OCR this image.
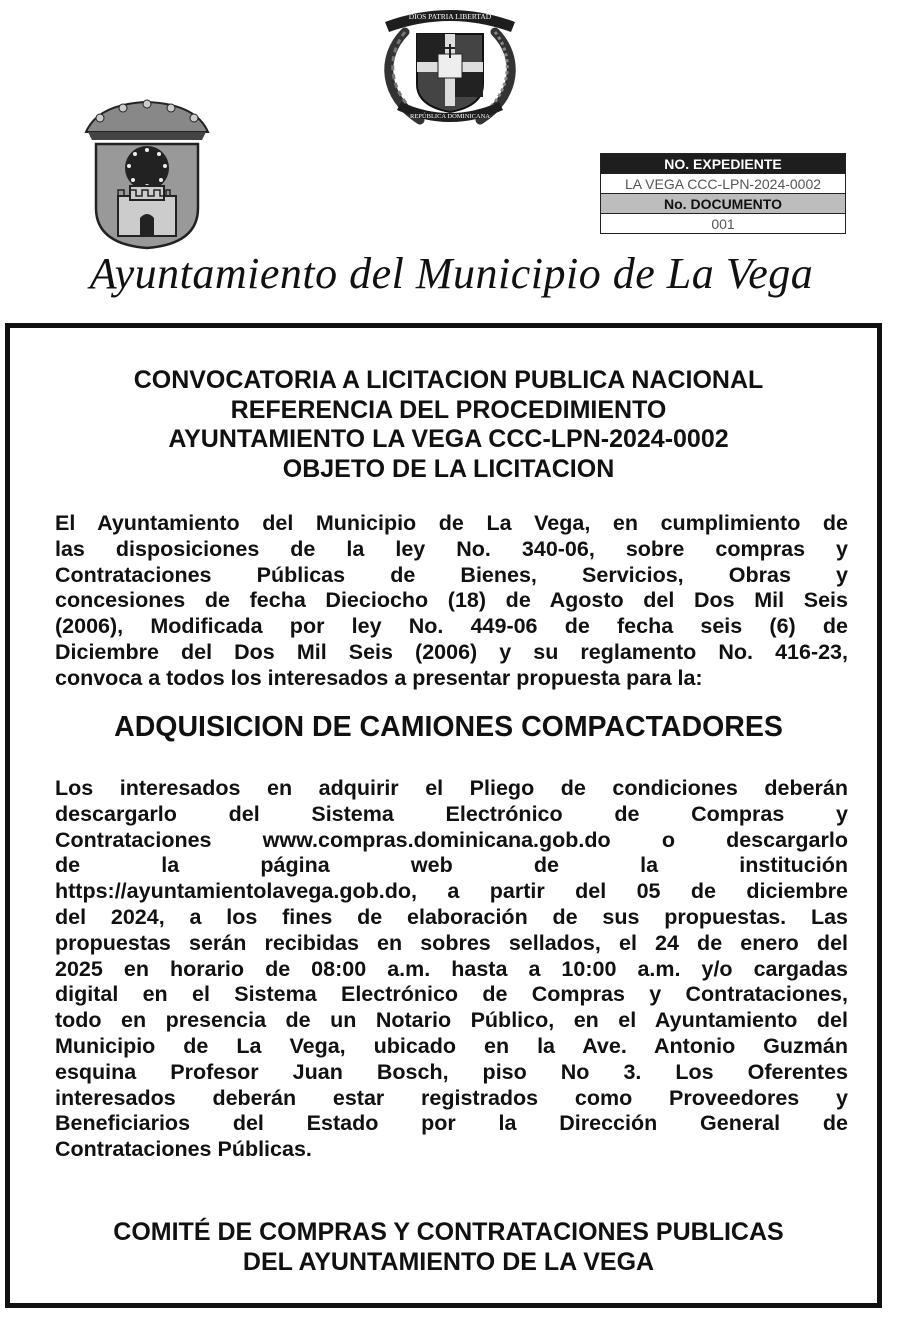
DIOS PATRIA LIBERTAD
REPÚBLICA DOMINICANA
NO. EXPEDIENTE
LA VEGA CCC-LPN-2024-0002
No. DOCUMENTO
001
Ayuntamiento del Municipio de La Vega

CONVOCATORIA A LICITACION PUBLICA NACIONAL

REFERENCIA DEL PROCEDIMIENTO

AYUNTAMIENTO LA VEGA CCC-LPN-2024-0002

OBJETO DE LA LICITACION

El Ayuntamiento del Municipio de La Vega, en cumplimiento de
las disposiciones de la ley No. 340-06, sobre compras y
Contrataciones Públicas de Bienes, Servicios, Obras y
concesiones de fecha Dieciocho (18) de Agosto del Dos Mil Seis
(2006), Modificada por ley No. 449-06 de fecha seis (6) de
Diciembre del Dos Mil Seis (2006) y su reglamento No. 416-23,
convoca a todos los interesados a presentar propuesta para la:

ADQUISICION DE CAMIONES COMPACTADORES

Los interesados en adquirir el Pliego de condiciones deberán
descargarlo del Sistema Electrónico de Compras y
Contrataciones www.compras.dominicana.gob.do o descargarlo
de la página web de la institución
https://ayuntamientolavega.gob.do, a partir del 05 de diciembre
del 2024, a los fines de elaboración de sus propuestas. Las
propuestas serán recibidas en sobres sellados, el 24 de enero del
2025 en horario de 08:00 a.m. hasta a 10:00 a.m. y/o cargadas
digital en el Sistema Electrónico de Compras y Contrataciones,
todo en presencia de un Notario Público, en el Ayuntamiento del
Municipio de La Vega, ubicado en la Ave. Antonio Guzmán
esquina Profesor Juan Bosch, piso No 3. Los Oferentes
interesados deberán estar registrados como Proveedores y
Beneficiarios del Estado por la Dirección General de
Contrataciones Públicas.

COMITÉ DE COMPRAS Y CONTRATACIONES PUBLICAS

DEL AYUNTAMIENTO DE LA VEGA
